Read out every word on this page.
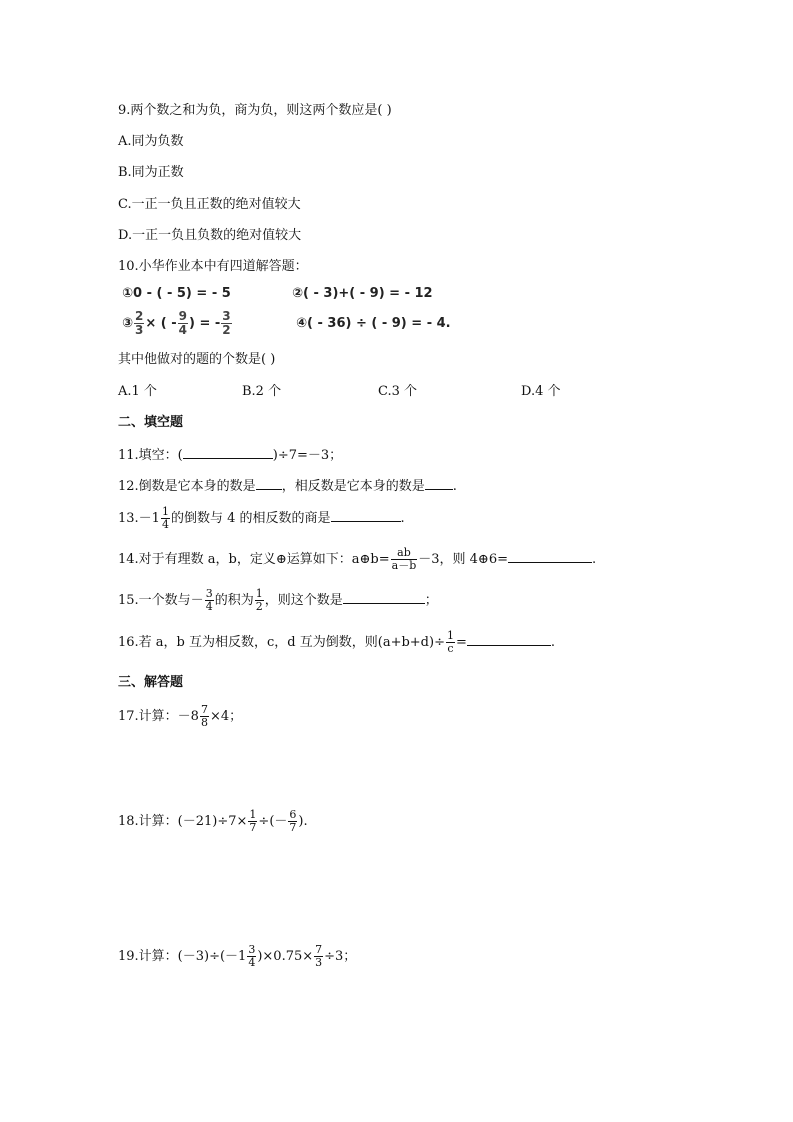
9.两个数之和为负，商为负，则这两个数应是( )
A.同为负数
B.同为正数
C.一正一负且正数的绝对值较大
D.一正一负且负数的绝对值较大
10.小华作业本中有四道解答题：
①0 - ( - 5) = - 5	②( - 3)+( - 9) = - 12
③ $\frac{2}{3}$ × ( - $\frac{9}{4}$ ) = - $\frac{3}{2}$	④( - 36) ÷ ( - 9) = - 4.
其中他做对的题的个数是( )
A.1 个	B.2 个	C.3 个	D.4 个
二、填空题
11.填空：(	)÷7=－3；
12.倒数是它本身的数是 ，相反数是它本身的数是 .
$13.-1 \frac{1}{4}$ 的倒数与 4 的相反数的商是	.
14.对于有理数 a，b，定义⊕运算如下：a⊕b= $\frac{ab}{a-b} -3$，则 4⊕6=	.
15.一个数与－ $\frac{3}{4}$ 的积为 $\frac{1}{2}$ ，则这个数是	；
16.若 a，b 互为相反数，c，d 互为倒数，则$(a+b+d)\div \frac{1}{c}$ =	.
三、解答题
17.计算：$-8 \frac{7}{8} \times 4$；
18.计算：$(-21)\div 7\times \frac{1}{7}$ ÷(－ $\frac{6}{7}$ ).
19.计算：$(-3)\div(-1 \frac{3}{4} )\times 0.75\times \frac{7}{3} \div 3$；
